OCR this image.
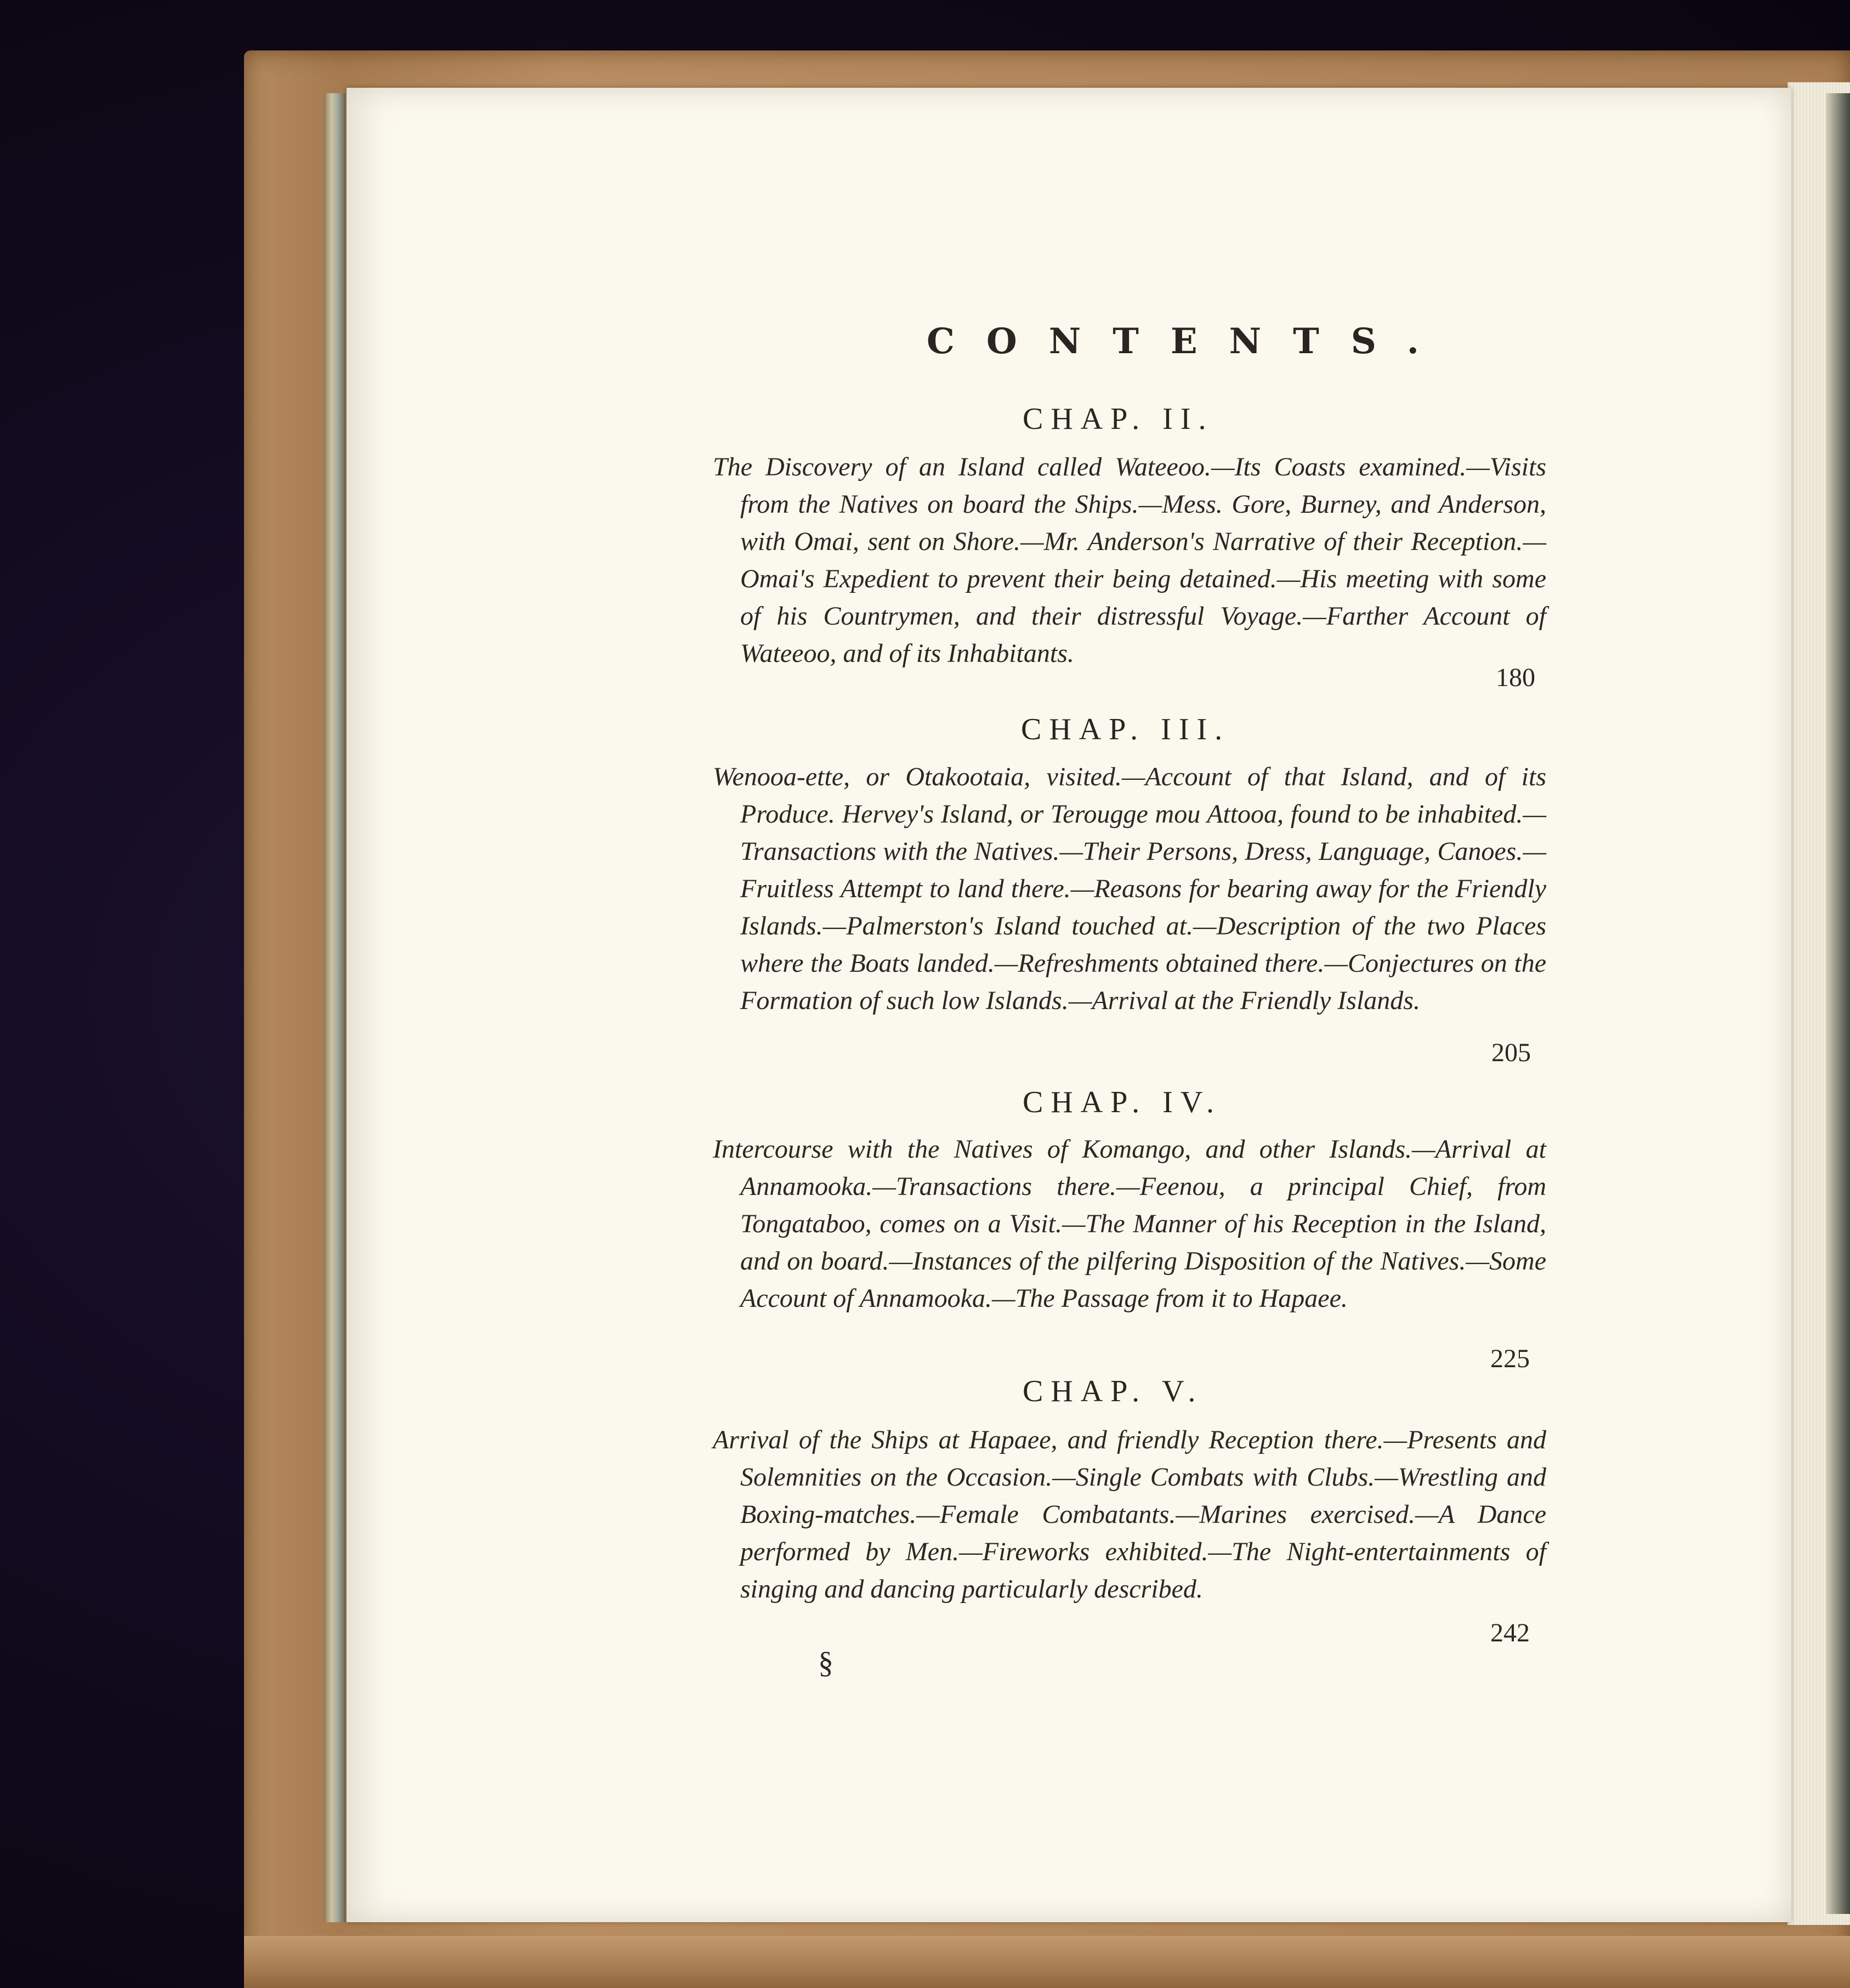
CONTENTS.
CHAP. II.
The Discovery of an Island called Wateeoo.—Its Coasts examined.—Visits from the Natives on board the Ships.—Mess. Gore, Burney, and Anderson, with Omai, sent on Shore.—Mr. Anderson's Narrative of their Reception.—Omai's Expedient to prevent their being detained.—His meeting with some of his Countrymen, and their distressful Voyage.—Farther Account of Wateeoo, and of its Inhabitants.
180
CHAP. III.
Wenooa-ette, or Otakootaia, visited.—Account of that Island, and of its Produce. Hervey's Island, or Terougge mou Attooa, found to be inhabited.—Transactions with the Natives.—Their Persons, Dress, Language, Canoes.—Fruitless Attempt to land there.—Reasons for bearing away for the Friendly Islands.—Palmerston's Island touched at.—Description of the two Places where the Boats landed.—Refreshments obtained there.—Conjectures on the Formation of such low Islands.—Arrival at the Friendly Islands.
205
CHAP. IV.
Intercourse with the Natives of Komango, and other Islands.—Arrival at Annamooka.—Transactions there.—Feenou, a principal Chief, from Tongataboo, comes on a Visit.—The Manner of his Reception in the Island, and on board.—Instances of the pilfering Disposition of the Natives.—Some Account of Annamooka.—The Passage from it to Hapaee.
225
CHAP. V.
Arrival of the Ships at Hapaee, and friendly Reception there.—Presents and Solemnities on the Occasion.—Single Combats with Clubs.—Wrestling and Boxing-matches.—Female Combatants.—Marines exercised.—A Dance performed by Men.—Fireworks exhibited.—The Night-entertainments of singing and dancing particularly described.
242
§
